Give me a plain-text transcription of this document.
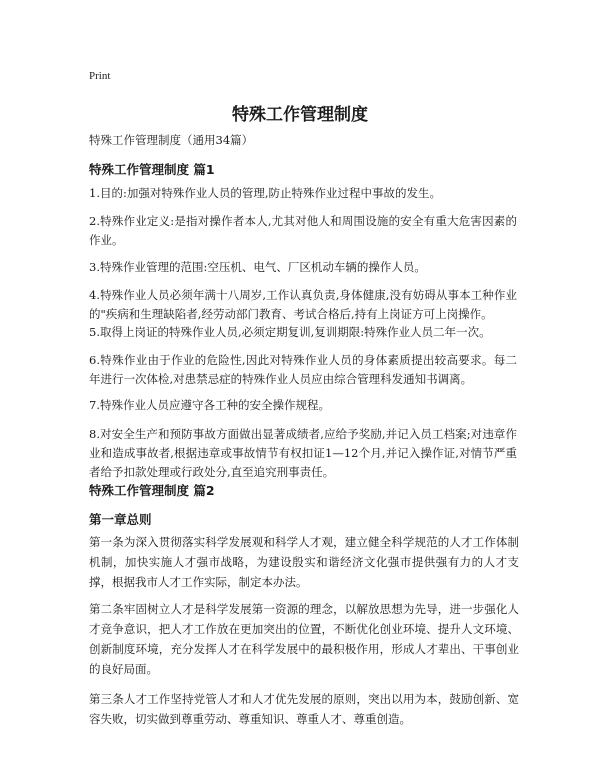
Print
特殊工作管理制度
特殊工作管理制度（通用34篇）
特殊工作管理制度 篇1
1.目的:加强对特殊作业人员的管理,防止特殊作业过程中事故的发生。
2.特殊作业定义:是指对操作者本人,尤其对他人和周围设施的安全有重大危害因素的作业。
3.特殊作业管理的范围:空压机、电气、厂区机动车辆的操作人员。
4.特殊作业人员必须年满十八周岁,工作认真负责,身体健康,没有妨碍从事本工种作业的"疾病和生理缺陷者,经劳动部门教育、考试合格后,持有上岗证方可上岗操作。
5.取得上岗证的特殊作业人员,必须定期复训,复训期限:特殊作业人员二年一次。
6.特殊作业由于作业的危险性,因此对特殊作业人员的身体素质提出较高要求。每二年进行一次体检,对患禁忌症的特殊作业人员应由综合管理科发通知书调离。
7.特殊作业人员应遵守各工种的安全操作规程。
8.对安全生产和预防事故方面做出显著成绩者,应给予奖励,并记入员工档案;对违章作业和造成事故者,根据违章或事故情节有权扣证1—12个月,并记入操作证,对情节严重者给予扣款处理或行政处分,直至追究刑事责任。
特殊工作管理制度 篇2
第一章总则
第一条为深入贯彻落实科学发展观和科学人才观，建立健全科学规范的人才工作体制机制，加快实施人才强市战略，为建设殷实和谐经济文化强市提供强有力的人才支撑，根据我市人才工作实际，制定本办法。
第二条牢固树立人才是科学发展第一资源的理念，以解放思想为先导，进一步强化人才竞争意识，把人才工作放在更加突出的位置，不断优化创业环境、提升人文环境、创新制度环境，充分发挥人才在科学发展中的最积极作用，形成人才辈出、干事创业的良好局面。
第三条人才工作坚持党管人才和人才优先发展的原则，突出以用为本，鼓励创新、宽容失败，切实做到尊重劳动、尊重知识、尊重人才、尊重创造。
